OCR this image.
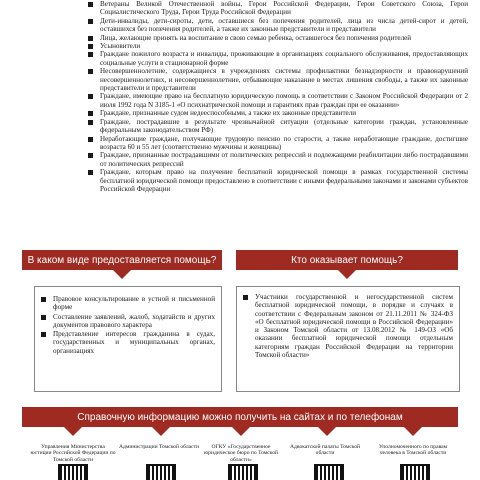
Ветераны Великой Отечественной войны, Герои Российской Федерации, Герои Советского Союза, Герои Социалистического Труда, Герои Труда Российской Федерации
Дети-инвалиды, дети-сироты, дети, оставшиеся без попечения родителей, лица из числа детей-сирот и детей, оставшихся без попечения родителей, а также их законные представители и представители
Лица, желающие принять на воспитание в свою семью ребенка, оставшегося без попечения родителей
Усыновители
Граждане пожилого возраста и инвалиды, проживающие в организациях социального обслуживания, предоставляющих социальные услуги в стационарной форме
Несовершеннолетние, содержащиеся в учреждениях системы профилактики безнадзорности и правонарушений несовершеннолетних, и несовершеннолетние, отбывающие наказание в местах лишения свободы, а также их законные представители и представители
Граждане, имеющие право на бесплатную юридическую помощь в соответствии с Законом Российской Федерации от 2 июля 1992 года N 3185-1 «О психиатрической помощи и гарантиях прав граждан при ее оказании»
Граждане, признанные судом недееспособными, а также их законные представители
Граждане, пострадавшие в результате чрезвычайной ситуации (отдельные категории граждан, установленные федеральным законодательством РФ)
Неработающие граждане, получающие трудовую пенсию по старости, а также неработающие граждане, достигшие возраста 60 и 55 лет (соответственно мужчины и женщины)
Граждане, признанные пострадавшими от политических репрессий и подлежащими реабилитации либо пострадавшими от политических репрессий
Граждане, которым право на получение бесплатной юридической помощи в рамках государственной системы бесплатной юридической помощи предоставлено в соответствии с иными федеральными законами и законами субъектов Российской Федерации
В каком виде предоставляется помощь?	Кто оказывает помощь?
Правовое консультирование в устной и письменной форме
Составление заявлений, жалоб, ходатайств и других документов правового характера
Представление интересов гражданина в судах, государственных и муниципальных органах, организациях
Участники государственной и негосударственной систем бесплатной юридической помощи, в порядке и случаях в соответствии с Федеральным законом от 21.11.2011 № 324-ФЗ «О бесплатной юридической помощи в Российской Федерации» и Законом Томской области от 13.08.2012 № 149-ОЗ «Об оказании бесплатной юридической помощи отдельным категориям граждан Российской Федерации на территории Томской области»
Справочную информацию можно получить на сайтах и по телефонам
Управления Министерства юстиции Российской Федерации по Томской области
Администрации Томской области	ОГКУ «Государственное юридическое бюро по Томской области»
Адвокатской палаты Томской области
Уполномоченного по правам человека в Томской области
